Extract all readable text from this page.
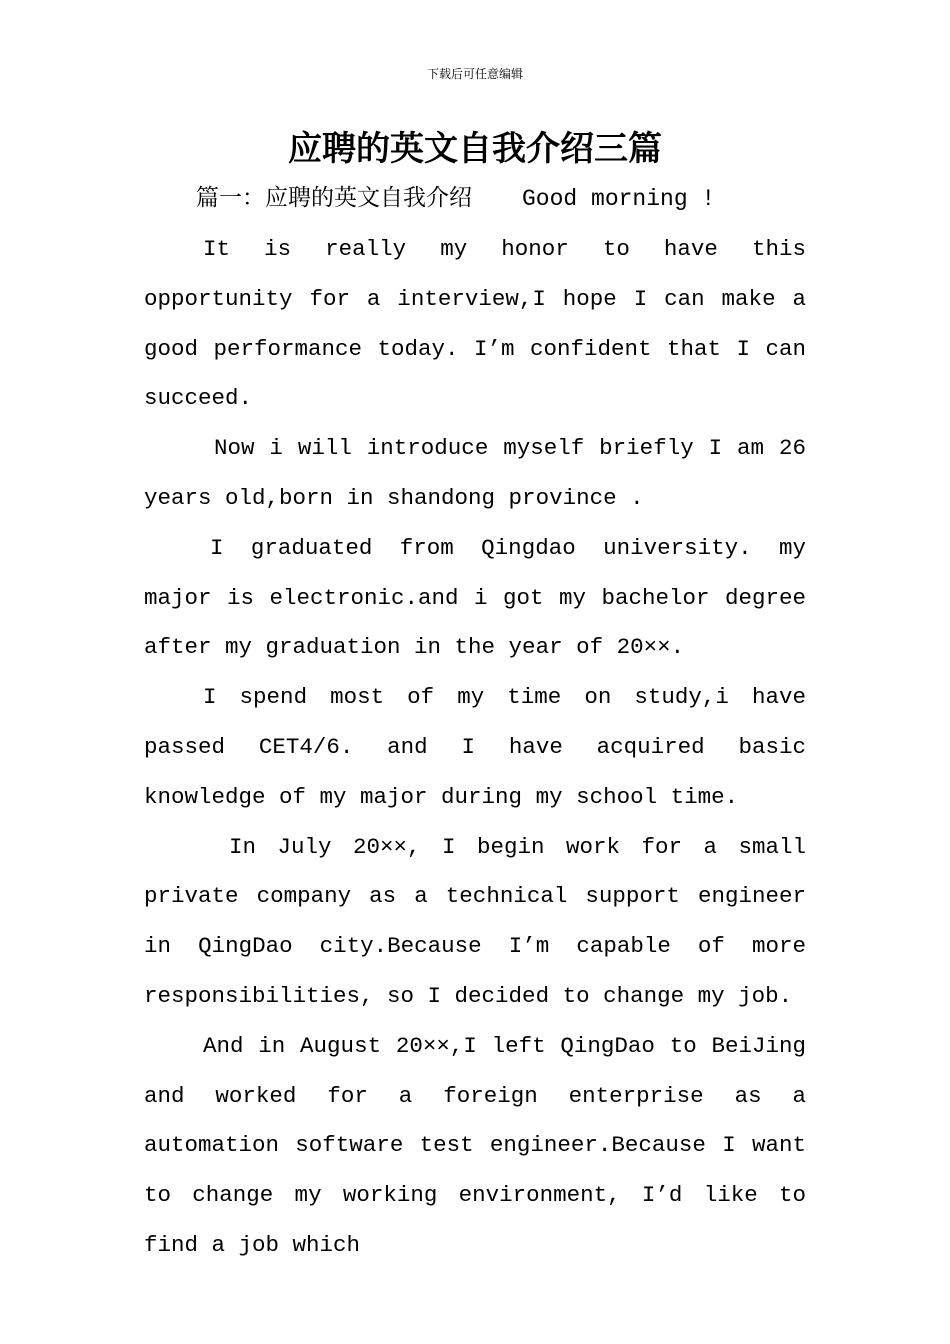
下载后可任意编辑
应聘的英文自我介绍三篇
篇一：应聘的英文自我介绍 Good morning !

It is really my honor to have this opportunity for a interview,I hope I can make a good performance today. I’m confident that I can succeed.

Now i will introduce myself briefly I am 26 years old,born in shandong province .

I graduated from Qingdao university. my major is electronic.and i got my bachelor degree after my graduation in the year of 20××.

I spend most of my time on study,i have passed CET4/6. and I have acquired basic knowledge of my major during my school time.

In July 20××, I begin work for a small private company as a technical support engineer in QingDao city.Because I’m capable of more responsibilities, so I decided to change my job.

And in August 20××,I left QingDao to BeiJing and worked for a foreign enterprise as a automation software test engineer.Because I want to change my working environment, I’d like to find a job which
